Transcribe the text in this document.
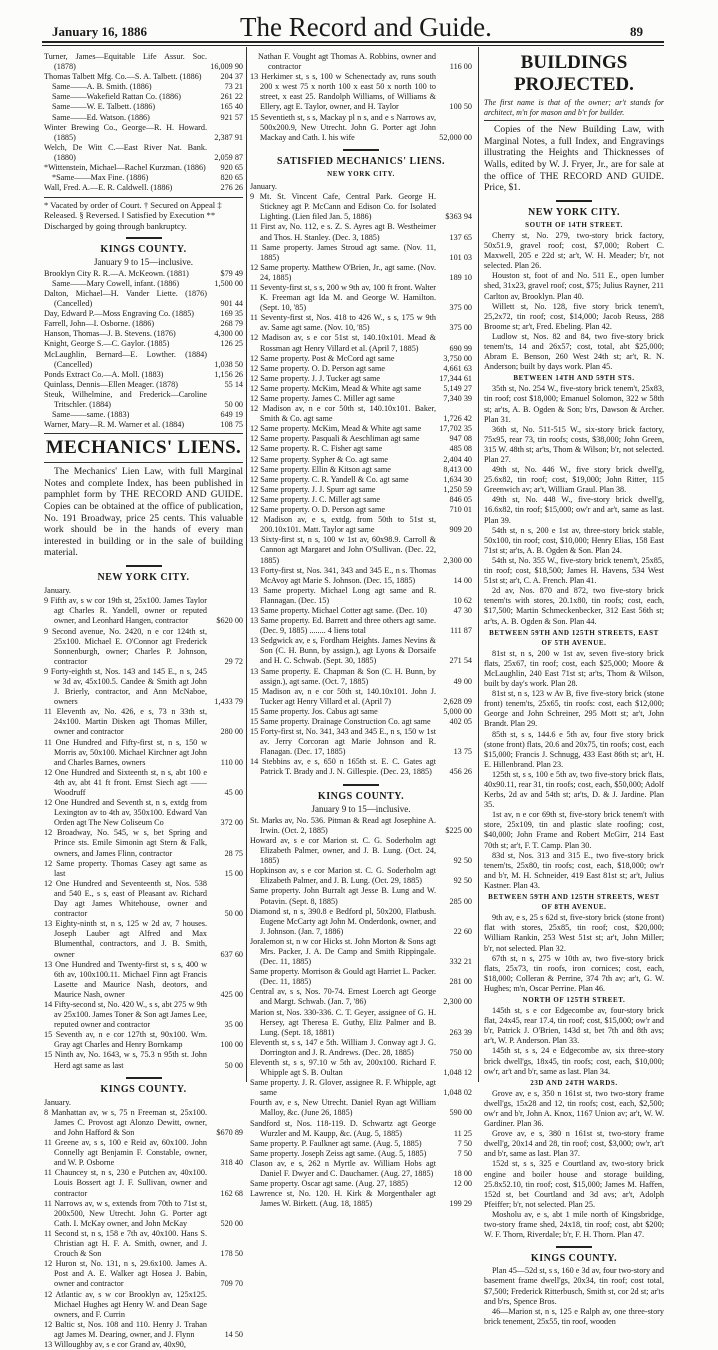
January 16, 1886	The Record and Guide.	89
Turner, James—Equitable Life Assur. Soc. (1878)	16,009 90
Thomas Talbett Mfg. Co.—S. A. Talbett. (1886) 204 37
Same——A. B. Smith. (1886)	73 21
Same——Wakefield Rattan Co. (1886)	261 22
Same——W. E. Talbett. (1886)	165 40
Same——Ed. Watson. (1886)	921 57
Winter Brewing Co., George—R. H. Howard. (1885)	2,387 91
Welch, De Witt C.—East River Nat. Bank. (1880)	2,059 87
*Wittenstein, Michael—Rachel Kurzman. (1886) 920 65
*Same——Max Fine. (1886)	820 65
Wall, Fred. A.—E. R. Caldwell. (1886)	276 26
* Vacated by order of Court. † Secured on Appeal ‡ Released. § Reversed. ‖ Satisfied by Execution ** Discharged by going through bankruptcy.
KINGS COUNTY.
January 9 to 15—inclusive.
Brooklyn City R. R.—A. McKeown. (1881)	$79 49
Same——Mary Cowell, infant. (1886)	1,500 00
Dalton, Michael—H. Vander Liette. (1876) (Cancelled)	901 44
Day, Edward P.—Moss Engraving Co. (1885)	169 35
Farrell, John—I. Osborne. (1886)	268 79
Hanson, Thomas—J. B. Stevens. (1876)	4,300 00
Knight, George S.—C. Gaylor. (1885)	126 25
McLaughlin, Bernard—E. Lowther. (1884) (Cancelled)	1,038 50
Ponds Extract Co.—A. Moll. (1883)	1,156 26
Quinlass, Dennis—Ellen Meager. (1878)	55 14
Steuk, Wilhelmine, and Frederick—Caroline Tritschler. (1884)	50 00
Same——same. (1883)	649 19
Warner, Mary—R. M. Warner et al. (1884)	108 75
MECHANICS' LIENS.
The Mechanics' Lien Law, with full Marginal Notes and complete Index, has been published in pamphlet form by THE RECORD AND GUIDE. Copies can be obtained at the office of publication, No. 191 Broadway, price 25 cents. This valuable work should be in the hands of every man interested in building or in the sale of building material.
NEW YORK CITY.
January.
9 Fifth av, s w cor 19th st, 25x100. James Taylor agt Charles R. Yandell, owner or reputed owner, and Leonhard Hangen, contractor	$620 00
9 Second avenue, No. 2420, n e cor 124th st, 25x100. Michael E. O'Connor agt Frederick Sonnenburgh, owner; Charles P. Johnson, contractor	29 72
9 Forty-eighth st, Nos. 143 and 145 E., n s, 245 w 3d av, 45x100.5. Candee & Smith agt John J. Brierly, contractor, and Ann McNaboe, owners	1,433 79
11 Eleventh av, No. 426, e s, 73 n 33th st, 24x100. Martin Disken agt Thomas Miller, owner and contractor	280 00
11 One Hundred and Fifty-first st, n s, 150 w Morris av, 50x100. Michael Kirchner agt John and Charles Barnes, owners	110 00
12 One Hundred and Sixteenth st, n s, abt 100 e 4th av, abt 41 ft front. Ernst Siech agt —— Woodruff	45 00
12 One Hundred and Seventh st, n s, extdg from Lexington av to 4th av, 350x100. Edward Van Orden agt The New Coliseum Co	372 00
12 Broadway, No. 545, w s, bet Spring and Prince sts. Emile Simonin agt Stern & Falk, owners, and James Flinn, contractor	28 75
12 Same property. Thomas Casey agt same as last	15 00
12 One Hundred and Seventeenth st, Nos. 538 and 540 E., s s, east of Pleasant av. Richard Day agt James Whitehouse, owner and contractor	50 00
13 Eighty-ninth st, n s, 125 w 2d av, 7 houses. Joseph Lauber agt Alfred and Max Blumenthal, contractors, and J. B. Smith, owner	637 60
13 One Hundred and Twenty-first st, s s, 400 w 6th av, 100x100.11. Michael Finn agt Francis Lasette and Maurice Nash, deotors, and Maurice Nash, owner	425 00
14 Fifty-second st, No. 420 W., s s, abt 275 w 9th av 25x100. James Toner & Son agt James Lee, reputed owner and contractor	35 00
15 Seventh av, n e cor 127th st, 90x100. Wm. Gray agt Charles and Henry Bornkamp	100 00
15 Ninth av, No. 1643, w s, 75.3 n 95th st. John Herd agt same as last	50 00
KINGS COUNTY.
January.
8 Manhattan av, w s, 75 n Freeman st, 25x100. James C. Provost agt Alonzo Dewitt, owner, and John Hafford & Son	$670 89
11 Greene av, s s, 100 e Reid av, 60x100. John Connelly agt Benjamin F. Constable, owner, and W. P. Osborne	318 40
11 Chauncey st, n s, 230 e Putchen av, 40x100. Louis Bossert agt J. F. Sullivan, owner and contractor	162 68
11 Narrows av, w s, extends from 70th to 71st st, 200x500, New Utrecht. John G. Porter agt Cath. I. McKay owner, and John McKay	520 00
11 Second st, n s, 158 e 7th av, 40x100. Hans S. Christian agt H. F. A. Smith, owner, and J. Crouch & Son	178 50
12 Huron st, No. 131, n s, 29.6x100. James A. Post and A. E. Walker agt Hosea J. Babin, owner and contractor	709 70
12 Atlantic av, s w cor Brooklyn av, 125x125. Michael Hughes agt Henry W. and Dean Sage owners, and F. Currin
12 Baltic st, Nos. 108 and 110. Henry J. Trahan agt James M. Dearing, owner, and J. Flynn	14 50
13 Willoughby av, s e cor Grand av, 40x90,
Nathan F. Vought agt Thomas A. Robbins, owner and contractor	116 00
13 Herkimer st, s s, 100 w Schenectady av, runs south 200 x west 75 x north 100 x east 50 x north 100 to street, x east 25. Randolph Williams, of Williams & Ellery, agt E. Taylor, owner, and H. Taylor	100 50
15 Seventieth st, s s, Mackay pl n s, and e s Narrows av, 500x200.9, New Utrecht. John G. Porter agt John Mackay and Cath. I. his wife	52,000 00
SATISFIED MECHANICS' LIENS.
NEW YORK CITY.
January.
9 Mt. St. Vincent Cafe, Central Park. George H. Stickney agt P. McCann and Edison Co. for Isolated Lighting. (Lien filed Jan. 5, 1886)	$363 94
11 First av, No. 112, e s. Z. S. Ayres agt B. Westheimer and Thos. H. Stanley. (Dec. 3, 1885)	137 65
11 Same property. James Stroud agt same. (Nov. 11, 1885)	101 03
12 Same property. Matthew O'Brien, Jr., agt same. (Nov. 24, 1885)	189 10
11 Seventy-first st, s s, 200 w 9th av, 100 ft front. Walter K. Freeman agt Ida M. and George W. Hamilton. (Sept. 10, '85)	375 00
11 Seventy-first st, Nos. 418 to 426 W., s s, 175 w 9th av. Same agt same. (Nov. 10, '85)	375 00
12 Madison av, s e cor 51st st, 140.10x101. Mead & Rossman agt Henry Villard et al. (April 7, 1885)	690 99
12 Same property. Post & McCord agt same	3,750 00
12 Same property. O. D. Person agt same	4,661 63
12 Same property. J. J. Tucker agt same	17,344 61
12 Same property. McKim, Mead & White agt same	5,149 27
12 Same property. James C. Miller agt same	7,340 39
12 Madison av, n e cor 50th st, 140.10x101. Baker, Smith & Co. agt same	1,726 42
12 Same property. McKim, Mead & White agt same 17,702 35
12 Same property. Pasquali & Aeschliman agt same	947 08
12 Same property. R. C. Fisher agt same	485 08
12 Same property. Sypher & Co. agt same	2,404 40
12 Same property. Ellin & Kitson agt same	8,413 00
12 Same property. C. R. Yandell & Co. agt same	1,634 30
12 Same property. J. J. Spurr agt same	1,250 59
12 Same property. J. C. Miller agt same	846 05
12 Same property. O. D. Person agt same	710 01
12 Madison av, e s, extdg. from 50th to 51st st, 200.10x101. Matt. Taylor agt same	909 20
13 Sixty-first st, n s, 100 w 1st av, 60x98.9. Carroll & Cannon agt Margaret and John O'Sullivan. (Dec. 22, 1885)	2,300 00
13 Forty-first st, Nos. 341, 343 and 345 E., n s. Thomas McAvoy agt Marie S. Johnson. (Dec. 15, 1885)	14 00
13 Same property. Michael Long agt same and R. Flannagan. (Dec. 15)	10 62
13 Same property. Michael Cotter agt same. (Dec. 10)	47 30
13 Same property. Ed. Barrett and three others agt same. (Dec. 9, 1885) ........ 4 liens total	111 87
13 Sedgwick av, e s, Fordham Heights. James Nevins & Son (C. H. Bunn, by assign.), agt Lyons & Dorsaife and H. C. Schwab. (Sept. 30, 1885)	271 54
13 Same property. E. Chapman & Son (C. H. Bunn, by assign.), agt same. (Oct. 7, 1885)	49 00
15 Madison av, n e cor 50th st, 140.10x101. John J. Tucker agt Henry Villard et al. (April 7)	2,628 09
15 Same property. Jos. Cabus agt same	5,000 00
15 Same property. Drainage Construction Co. agt same 402 05
15 Forty-first st, No. 341, 343 and 345 E., n s, 150 w 1st av. Jerry Corcoran agt Marie Johnson and R. Flanagan. (Dec. 17, 1885)	13 75
14 Stebbins av, e s, 650 n 165th st. E. C. Gates agt Patrick T. Brady and J. N. Gillespie. (Dec. 23, 1885) 456 26
KINGS COUNTY.
January 9 to 15—inclusive.
St. Marks av, No. 536. Pitman & Read agt Josephine A. Irwin. (Oct. 2, 1885)	$225 00
Howard av, s e cor Marion st. C. G. Soderholm agt Elizabeth Palmer, owner, and J. B. Lung. (Oct. 24, 1885)	92 50
Hopkinson av, s e cor Marion st. C. G. Soderholm agt Elizabeth Palmer, and J. B. Lung. (Oct. 29, 1885)	92 50
Same property. John Burralt agt Jesse B. Lung and W. Potavin. (Sept. 8, 1885)	285 00
Diamond st, n s, 390.8 e Bedford pl, 50x200, Flatbush. Eugene McCarty agt John M. Onderdonk, owner, and J. Johnson. (Jan. 7, 1886)	22 60
Joralemon st, n w cor Hicks st. John Morton & Sons agt Mrs. Packer, J. A. De Camp and Smith Rippingale. (Dec. 11, 1885)	332 21
Same property. Morrison & Gould agt Harriet L. Packer. (Dec. 11, 1885)	281 00
Central av, s s, Nos. 70-74. Ernest Loerch agt George and Margt. Schwab. (Jan. 7, '86)	2,300 00
Marion st, Nos. 330-336. C. T. Geyer, assignee of G. H. Hersey, agt Theresa E. Guthy, Eliz Palmer and B. Lung. (Sept. 18, 1881)	263 39
Eleventh st, s s, 147 e 5th. William J. Conway agt J. G. Dorrington and J. R. Andrews. (Dec. 28, 1885)	750 00
Eleventh st, s s, 97.10 w 5th av, 200x100. Richard F. Whipple agt S. B. Oultan	1,048 12
Same property. J. R. Glover, assignee R. F. Whipple, agt same	1,048 02
Fourth av, e s, New Utrecht. Daniel Ryan agt William Malloy, &c. (June 26, 1885)	590 00
Sandford st, Nos. 118-119. D. Schwartz agt George Wurzler and M. Kaupp, &c. (Aug. 5, 1885)	11 25
Same property. P. Faulkner agt same. (Aug. 5, 1885)	7 50
Same property. Joseph Zeiss agt same. (Aug. 5, 1885)	7 50
Clason av, e s, 262 n Myrtle av. William Hobs agt Daniel F. Dwyer and C. Dauchamer. (Aug. 27, 1885) 18 00
Same property. Oscar agt same. (Aug. 27, 1885)	12 00
Lawrence st, No. 120. H. Kirk & Morgenthaler agt James W. Birkett. (Aug. 18, 1885)	199 29
BUILDINGS PROJECTED.
The first name is that of the owner; ar't stands for architect, m'n for mason and b'r for builder.
Copies of the New Building Law, with Marginal Notes, a full Index, and Engravings illustrating the Heights and Thicknesses of Walls, edited by W. J. Fryer, Jr., are for sale at the office of THE RECORD AND GUIDE. Price, $1.
NEW YORK CITY.
SOUTH OF 14TH STREET.
Cherry st, No. 279, two-story brick factory, 50x51.9, gravel roof; cost, $7,000; Robert C. Maxwell, 205 e 22d st; ar't, W. H. Meader; b'r, not selected. Plan 26.
Houston st, foot of and No. 511 E., open lumber shed, 31x23, gravel roof; cost, $75; Julius Rayner, 211 Carlton av, Brooklyn. Plan 40.
Willett st, No. 128, five story brick tenem't, 25,2x72, tin roof; cost, $14,000; Jacob Reuss, 288 Broome st; ar't, Fred. Ebeling. Plan 42.
Ludlow st, Nos. 82 and 84, two five-story brick tenem'ts, 14 and 26x57; cost, total, abt $25,000; Abram E. Benson, 260 West 24th st; ar't, R. N. Anderson; built by days work. Plan 45.
BETWEEN 14TH AND 59TH STS.
35th st, No. 254 W., five-story brick tenem't, 25x83, tin roof; cost $18,000; Emanuel Solomon, 322 w 58th st; ar'ts, A. B. Ogden & Son; b'rs, Dawson & Archer. Plan 31.
36th st, No. 511-515 W., six-story brick factory, 75x95, rear 73, tin roofs; costs, $38,000; John Green, 315 W. 48th st; ar'ts, Thom & Wilson; b'r, not selected. Plan 27.
49th st, No. 446 W., five story brick dwell'g, 25.6x82, tin roof; cost, $19,000; John Ritter, 115 Greenwich av; ar't, William Graul. Plan 38.
49th st, No. 448 W., five-story brick dwell'g, 16.6x82, tin roof; $15,000; ow'r and ar't, same as last. Plan 39.
54th st, n s, 200 e 1st av, three-story brick stable, 50x100, tin roof; cost, $10,000; Henry Elias, 158 East 71st st; ar'ts, A. B. Ogden & Son. Plan 24.
54th st, No. 355 W., five-story brick tenem't, 25x85, tin roof; cost, $18,500; James H. Havens, 534 West 51st st; ar't, C. A. French. Plan 41.
2d av, Nos. 870 and 872, two five-story brick tenem'ts with stores, 20.1x80, tin roofs; cost, each, $17,500; Martin Schmeckenbecker, 312 East 56th st; ar'ts, A. B. Ogden & Son. Plan 44.
BETWEEN 59TH AND 125TH STREETS, EAST OF 5TH AVENUE.
81st st, n s, 200 w 1st av, seven five-story brick flats, 25x67, tin roof; cost, each $25,000; Moore & McLaughlin, 240 East 71st st; ar'ts, Thom & Wilson, built by day's work. Plan 28.
81st st, n s, 123 w Av B, five five-story brick (stone front) tenem'ts, 25x65, tin roofs: cost, each $12,000; George and John Schreiner, 295 Mott st; ar't, John Brandt. Plan 29.
85th st, s s, 144.6 e 5th av, four five story brick (stone front) flats, 20.6 and 20x75, tin roofs; cost, each $15,000; Francis J. Schnugg, 433 East 86th st; ar't, H. E. Hillenbrand. Plan 23.
125th st, s s, 100 e 5th av, two five-story brick flats, 40x90.11, rear 31, tin roofs; cost, each, $50,000; Adolf Kerbs, 2d av and 54th st; ar'ts, D. & J. Jardine. Plan 35.
1st av, n e cor 69th st, five-story brick tenem't with store, 25x109, tin and plastic slate roofing; cost, $40,000; John Frame and Robert McGirr, 214 East 70th st; ar't, F. T. Camp. Plan 30.
83d st, Nos. 313 and 315 E., two five-story brick tenem'ts, 25x80, tin roofs; cost, each, $18,000; ow'r and b'r, M. H. Schneider, 419 East 81st st; ar't, Julius Kastner. Plan 43.
BETWEEN 59TH AND 125TH STREETS, WEST OF 8TH AVENUE.
9th av, e s, 25 s 62d st, five-story brick (stone front) flat with stores, 25x85, tin roof; cost, $20,000; William Rankin, 253 West 51st st; ar't, John Miller; b'r, not selected. Plan 32.
67th st, n s, 275 w 10th av, two five-story brick flats, 25x73, tin roofs, iron cornices; cost, each, $18,000; Colleran & Perrine, 374 7th av; ar't, G. W. Hughes; m'n, Oscar Perrine. Plan 46.
NORTH OF 125TH STREET.
145th st, s e cor Edgecombe av, four-story brick flat, 24x45, rear 17.4, tin roof; cost, $15,000; ow'r and b'r, Patrick J. O'Brien, 143d st, bet 7th and 8th avs; ar't, W. P. Anderson. Plan 33.
145th st, s s, 24 e Edgecombe av, six three-story brick dwell'gs, 18x45, tin roofs; cost, each, $10,000; ow'r, ar't and b'r, same as last. Plan 34.
23D AND 24TH WARDS.
Grove av, e s, 350 n 161st st, two two-story frame dwell'gs, 15x28 and 12, tin roofs; cost, each, $2,500; ow'r and b'r, John A. Knox, 1167 Union av; ar't, W. W. Gardiner. Plan 36.
Grove av, e s, 380 n 161st st, two-story frame dwell'g, 20x14 and 28, tin roof; cost, $3,000; ow'r, ar't and b'r, same as last. Plan 37.
152d st, s s, 325 e Courtland av, two-story brick engine and boiler house and storage building, 25.8x52.10, tin roof; cost, $15,000; James M. Haffen, 152d st, bet Courtland and 3d avs; ar't, Adolph Pfeiffer; b'r, not selected. Plan 25.
Mosholu av, e s, abt 1 mile north of Kingsbridge, two-story frame shed, 24x18, tin roof; cost, abt $200; W. F. Thorn, Riverdale; b'r, F. H. Thorn. Plan 47.
KINGS COUNTY.
Plan 45—52d st, s s, 160 e 3d av, four two-story and basement frame dwell'gs, 20x34, tin roof; cost total, $7,500; Frederick Ritterbusch, Smith st, cor 2d st; ar'ts and b'rs, Spence Bros.
46—Marion st, n s, 125 e Ralph av, one three-story brick tenement, 25x55, tin roof, wooden
